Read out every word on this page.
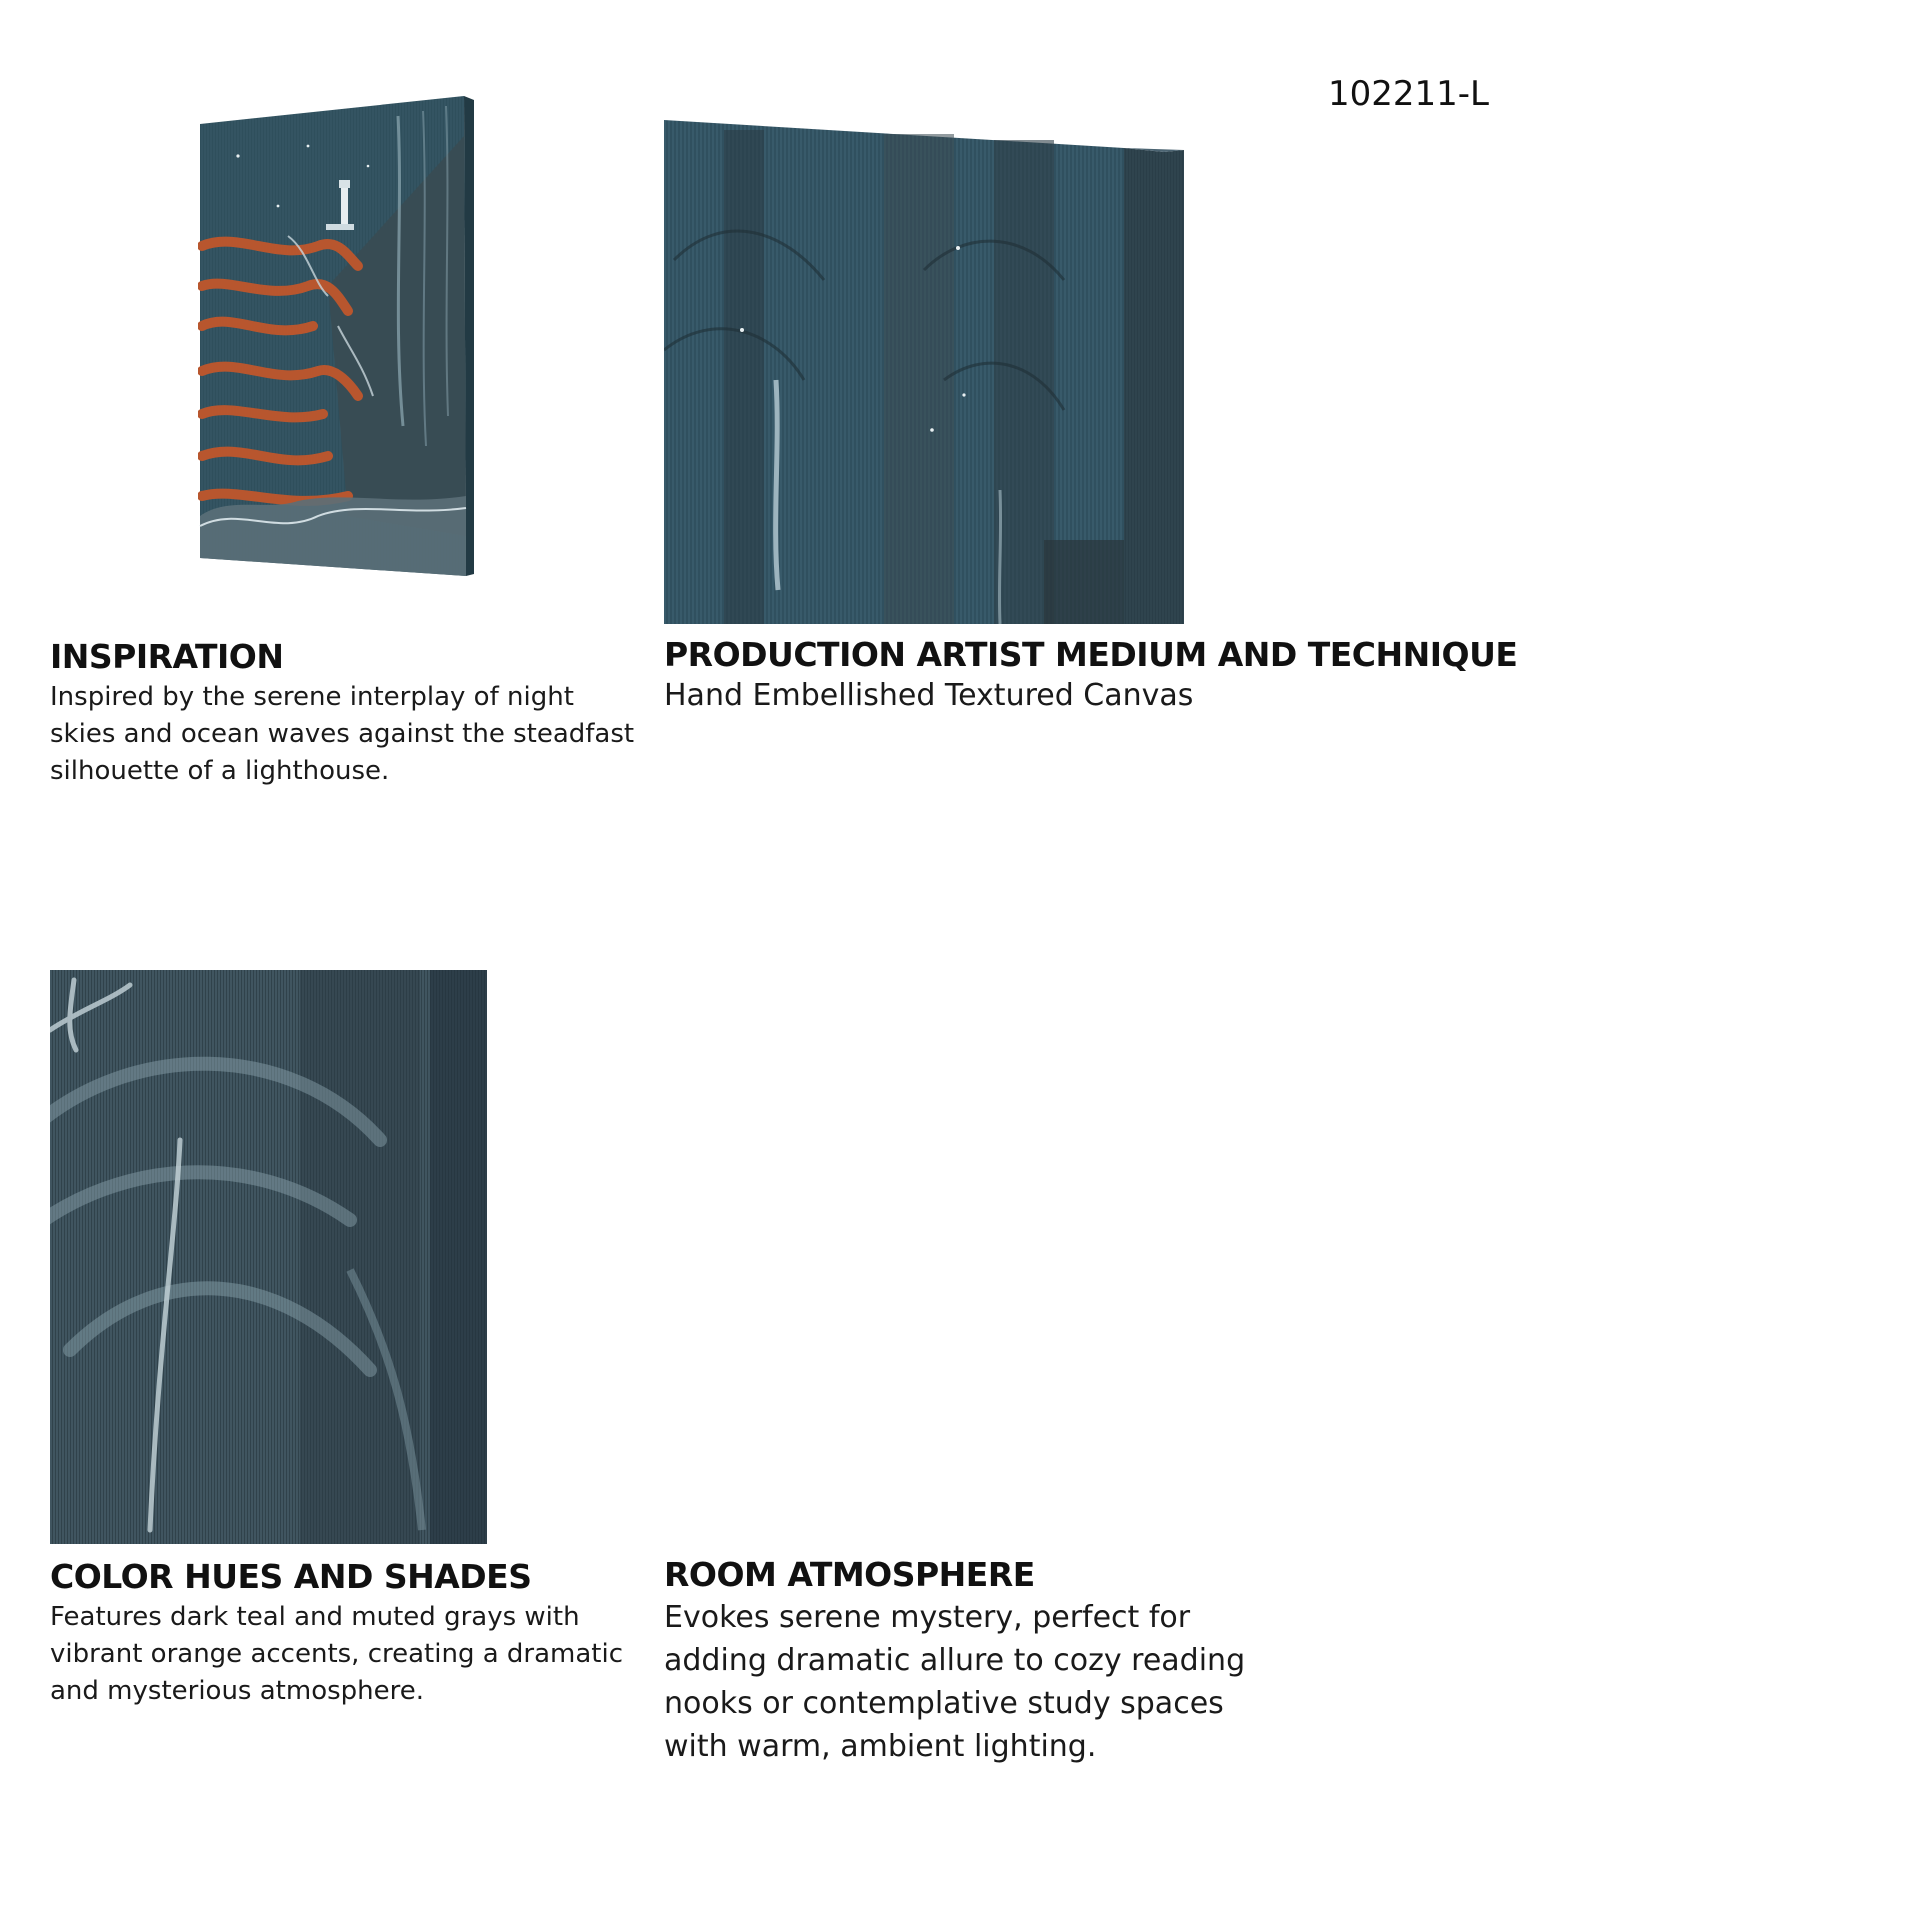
102211-L
INSPIRATION

Inspired by the serene interplay of night skies and ocean waves against the steadfast silhouette of a lighthouse.

PRODUCTION ARTIST MEDIUM AND TECHNIQUE

Hand Embellished Textured Canvas

COLOR HUES AND SHADES

Features dark teal and muted grays with vibrant orange accents, creating a dramatic and mysterious atmosphere.

ROOM ATMOSPHERE

Evokes serene mystery, perfect for adding dramatic allure to cozy reading nooks or contemplative study spaces with warm, ambient lighting.
